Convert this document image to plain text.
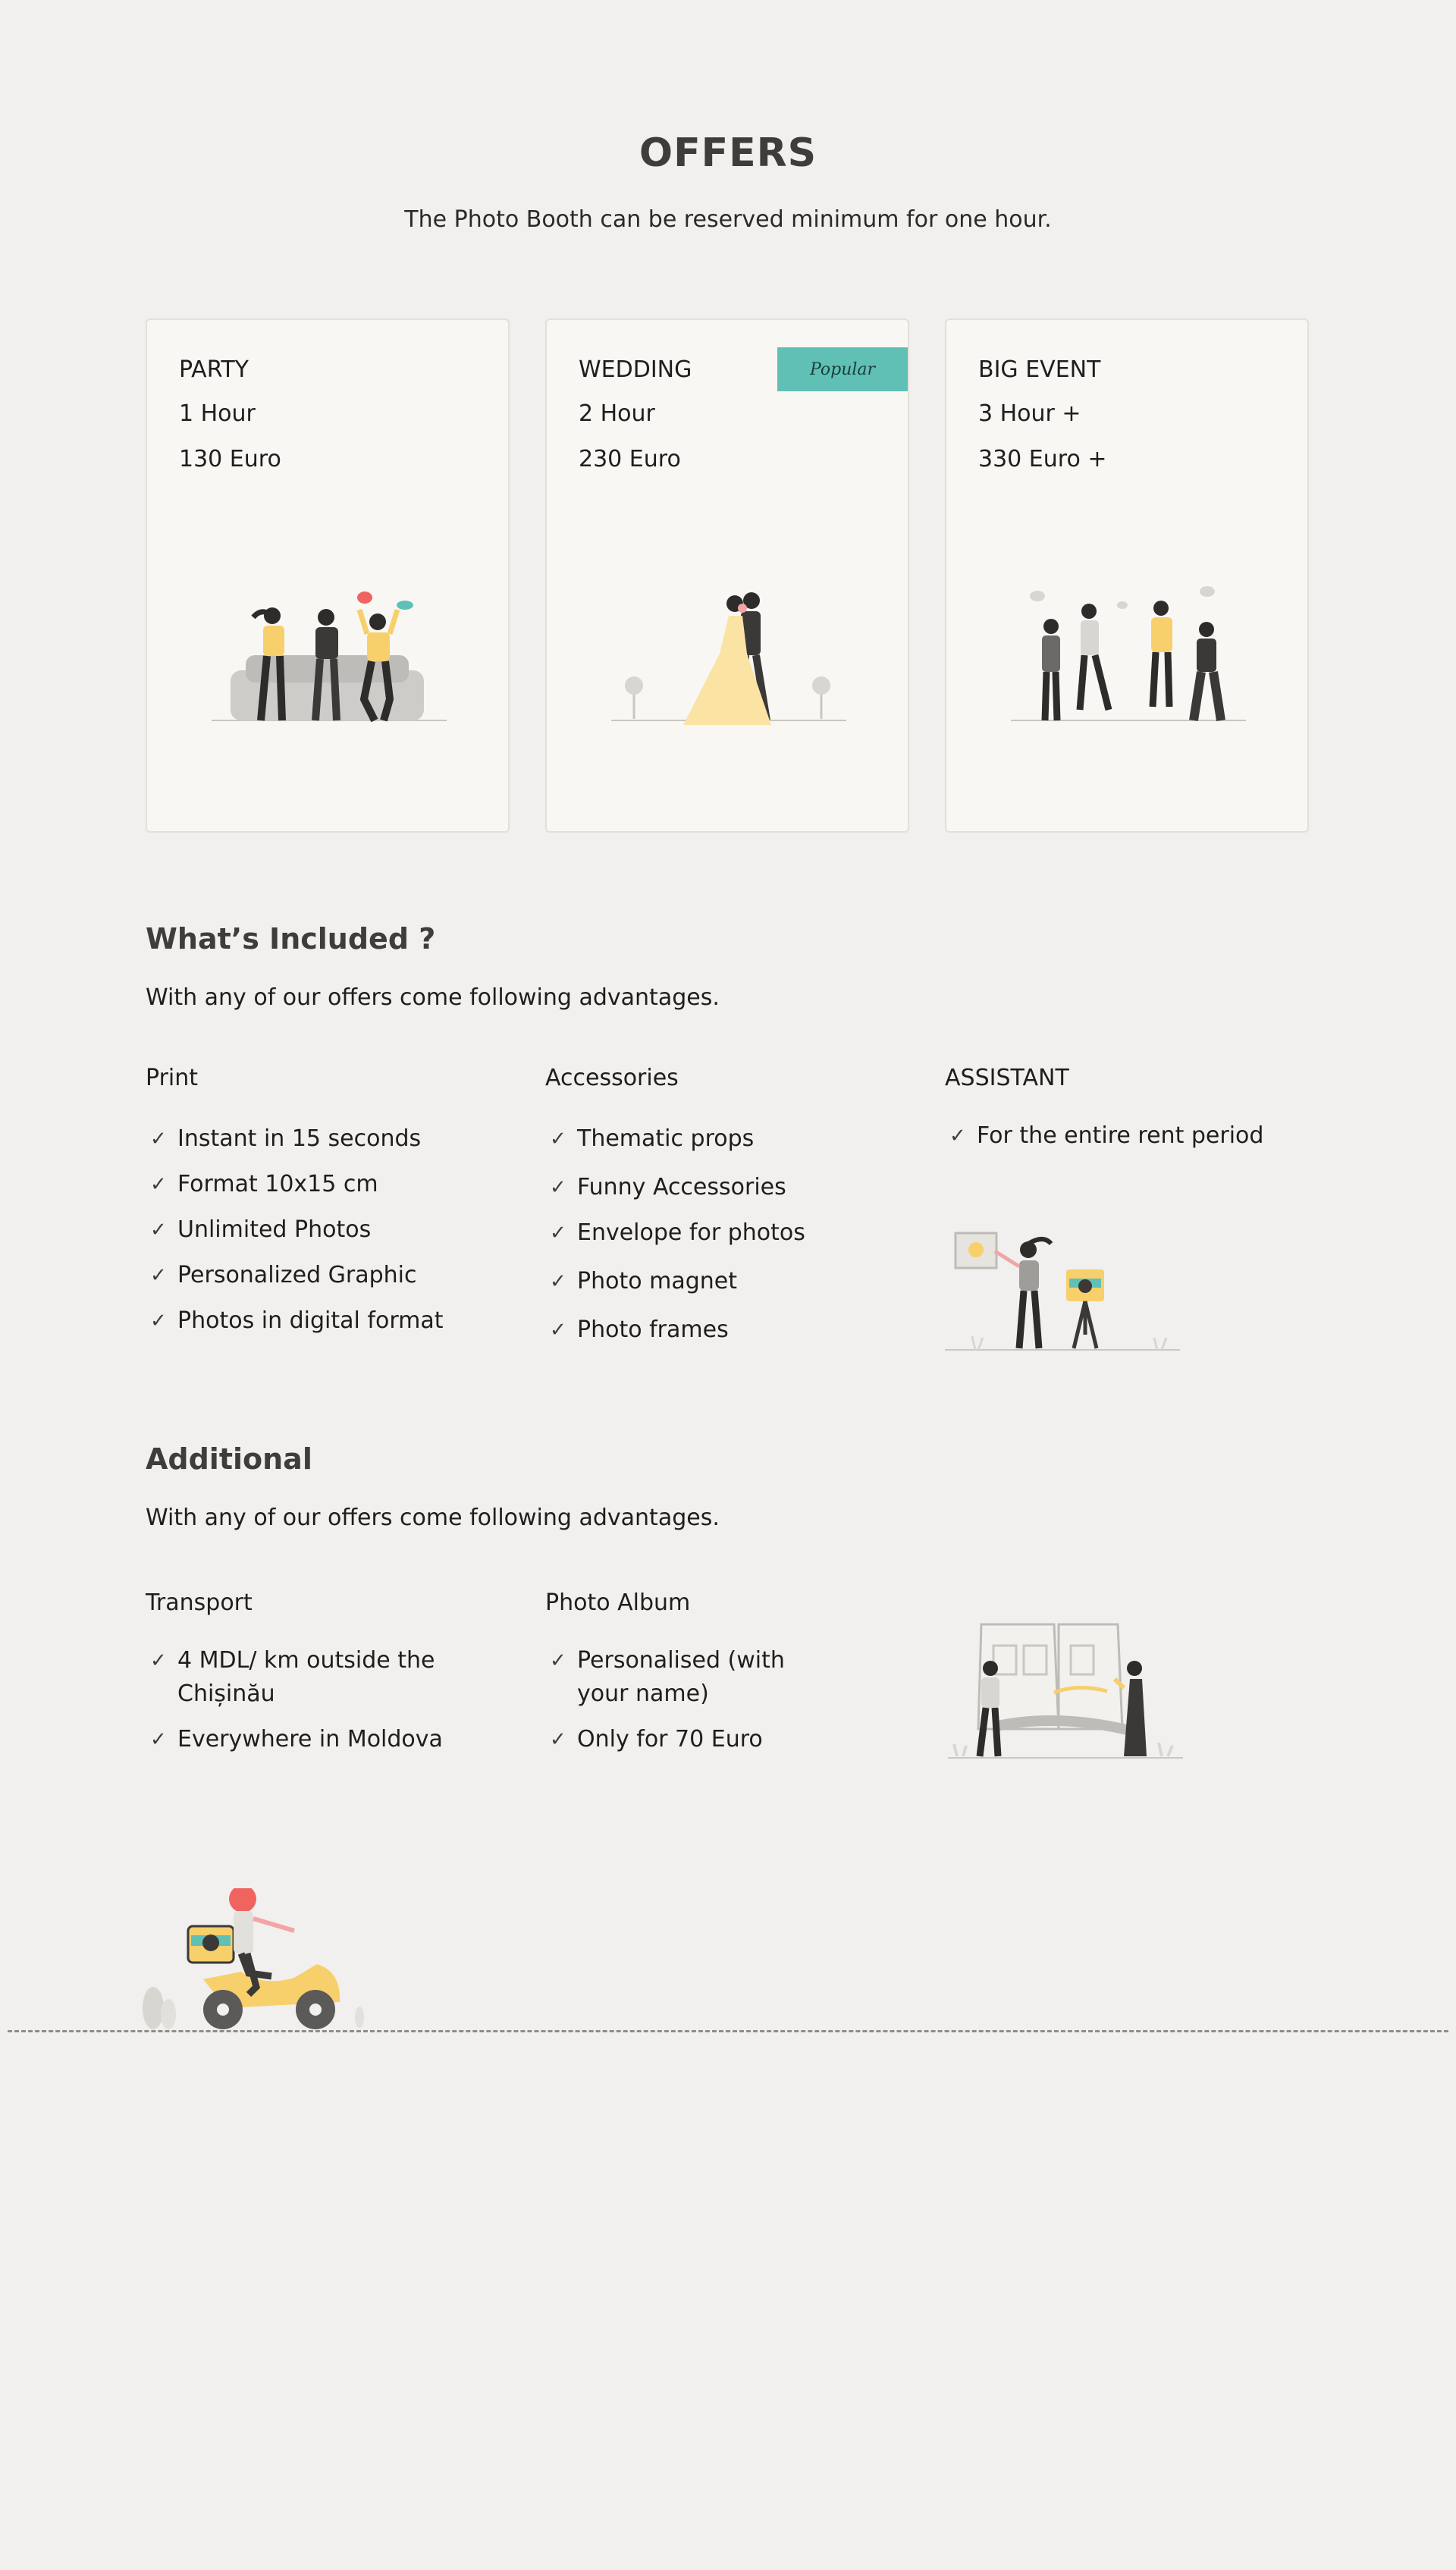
OFFERS

The Photo Booth can be reserved minimum for one hour.

PARTY
1 Hour
130 Euro
WEDDING	Popular
2 Hour
230 Euro
BIG EVENT
3 Hour +
330 Euro +
What’s Included ?

With any of our offers come following advantages.

Print
✓ Instant in 15 seconds
✓ Format 10x15 cm
✓ Unlimited Photos
✓ Personalized Graphic
✓ Photos in digital format
Accessories
✓ Thematic props
✓ Funny Accessories
✓ Envelope for photos
✓ Photo magnet
✓ Photo frames
ASSISTANT
✓ For the entire rent period
Additional

With any of our offers come following advantages.

Transport
✓ 4 MDL/ km outside the Chișinău
✓ Everywhere in Moldova
Photo Album
✓ Personalised (with your name)
✓ Only for 70 Euro
